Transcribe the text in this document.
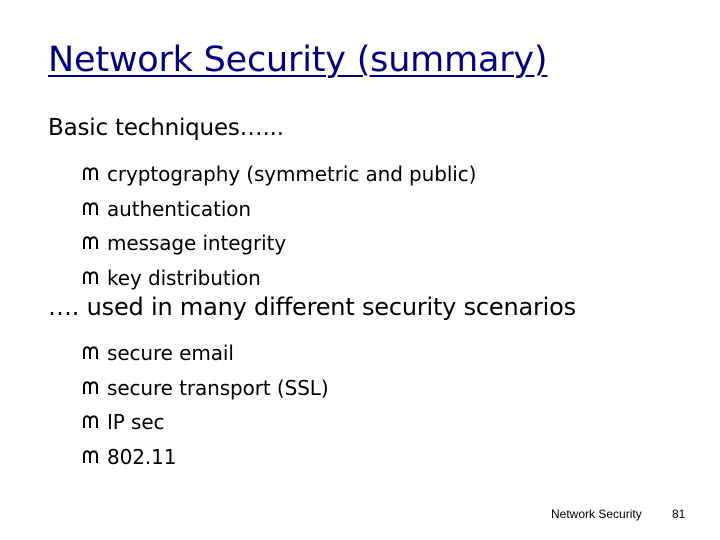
Network Security (summary)

Basic techniques…...

cryptography (symmetric and public)
authentication
message integrity
key distribution

…. used in many different security scenarios

secure email
secure transport (SSL)
IP sec
802.11
Network Security	81
